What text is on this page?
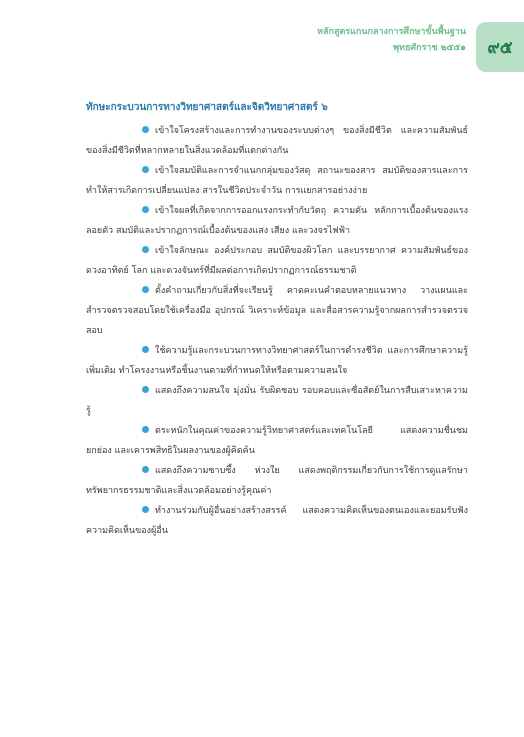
หลักสูตรแกนกลางการศึกษาขั้นพื้นฐาน
พุทธศักราช ๒๕๕๑ ๙๕
ทักษะกระบวนการทางวิทยาศาสตร์และจิตวิทยาศาสตร์ ๖

เข้าใจโครงสร้างและการทำงานของระบบต่างๆ ของสิ่งมีชีวิต และความสัมพันธ์ของสิ่งมีชีวิตที่หลากหลายในสิ่งแวดล้อมที่แตกต่างกัน

เข้าใจสมบัติและการจำแนกกลุ่มของวัสดุ สถานะของสาร สมบัติของสารและการทำให้สารเกิดการเปลี่ยนแปลง สารในชีวิตประจำวัน การแยกสารอย่างง่าย

เข้าใจผลที่เกิดจากการออกแรงกระทำกับวัตถุ ความดัน หลักการเบื้องต้นของแรงลอยตัว สมบัติและปรากฏการณ์เบื้องต้นของแสง เสียง และวงจรไฟฟ้า

เข้าใจลักษณะ องค์ประกอบ สมบัติของผิวโลก และบรรยากาศ ความสัมพันธ์ของดวงอาทิตย์ โลก และดวงจันทร์ที่มีผลต่อการเกิดปรากฏการณ์ธรรมชาติ

ตั้งคำถามเกี่ยวกับสิ่งที่จะเรียนรู้ คาดคะเนคำตอบหลายแนวทาง วางแผนและสำรวจตรวจสอบโดยใช้เครื่องมือ อุปกรณ์ วิเคราะห์ข้อมูล และสื่อสารความรู้จากผลการสำรวจตรวจสอบ

ใช้ความรู้และกระบวนการทางวิทยาศาสตร์ในการดำรงชีวิต และการศึกษาความรู้เพิ่มเติม ทำโครงงานหรือชิ้นงานตามที่กำหนดให้หรือตามความสนใจ

แสดงถึงความสนใจ มุ่งมั่น รับผิดชอบ รอบคอบและซื่อสัตย์ในการสืบเสาะหาความรู้

ตระหนักในคุณค่าของความรู้วิทยาศาสตร์และเทคโนโลยี แสดงความชื่นชม ยกย่อง และเคารพสิทธิในผลงานของผู้คิดค้น

แสดงถึงความซาบซึ้ง ห่วงใย แสดงพฤติกรรมเกี่ยวกับการใช้การดูแลรักษาทรัพยากรธรรมชาติและสิ่งแวดล้อมอย่างรู้คุณค่า

ทำงานร่วมกับผู้อื่นอย่างสร้างสรรค์ แสดงความคิดเห็นของตนเองและยอมรับฟังความคิดเห็นของผู้อื่น
